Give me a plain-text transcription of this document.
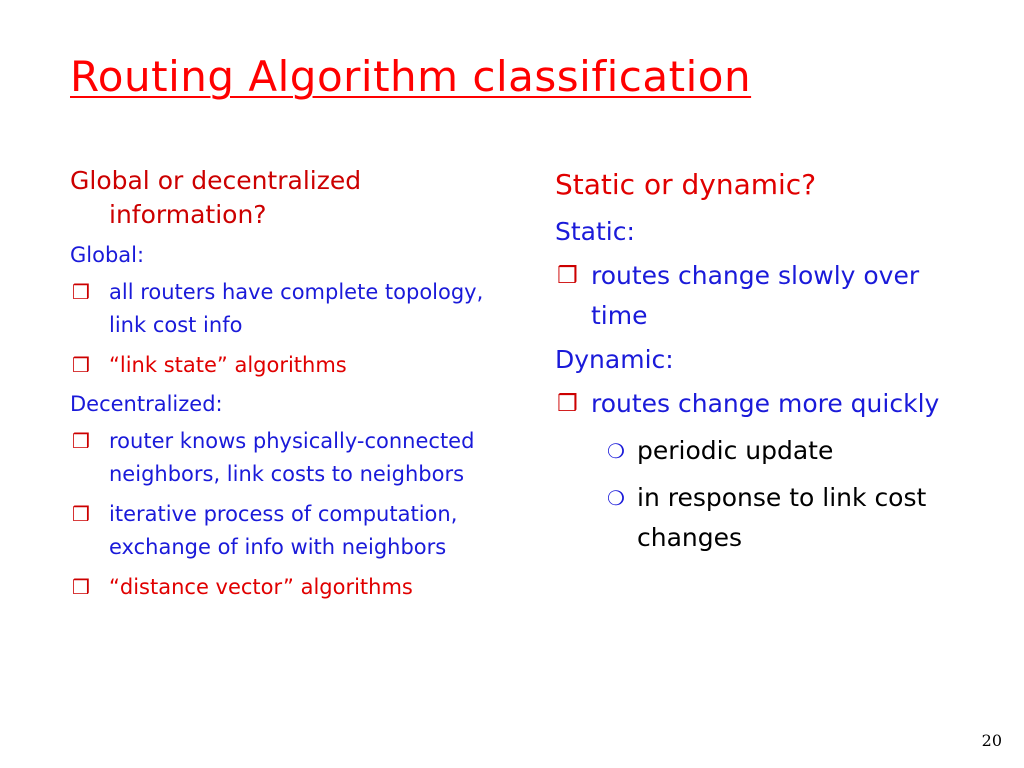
Routing Algorithm classification
Global or decentralized information?
Global:
❒ all routers have complete topology, link cost info
❒ “link state” algorithms
Decentralized:
❒ router knows physically-connected neighbors, link costs to neighbors
❒ iterative process of computation, exchange of info with neighbors
❒ “distance vector” algorithms
Static or dynamic?
Static:
❒ routes change slowly over time
Dynamic:
❒ routes change more quickly
❍ periodic update
❍ in response to link cost changes
20
